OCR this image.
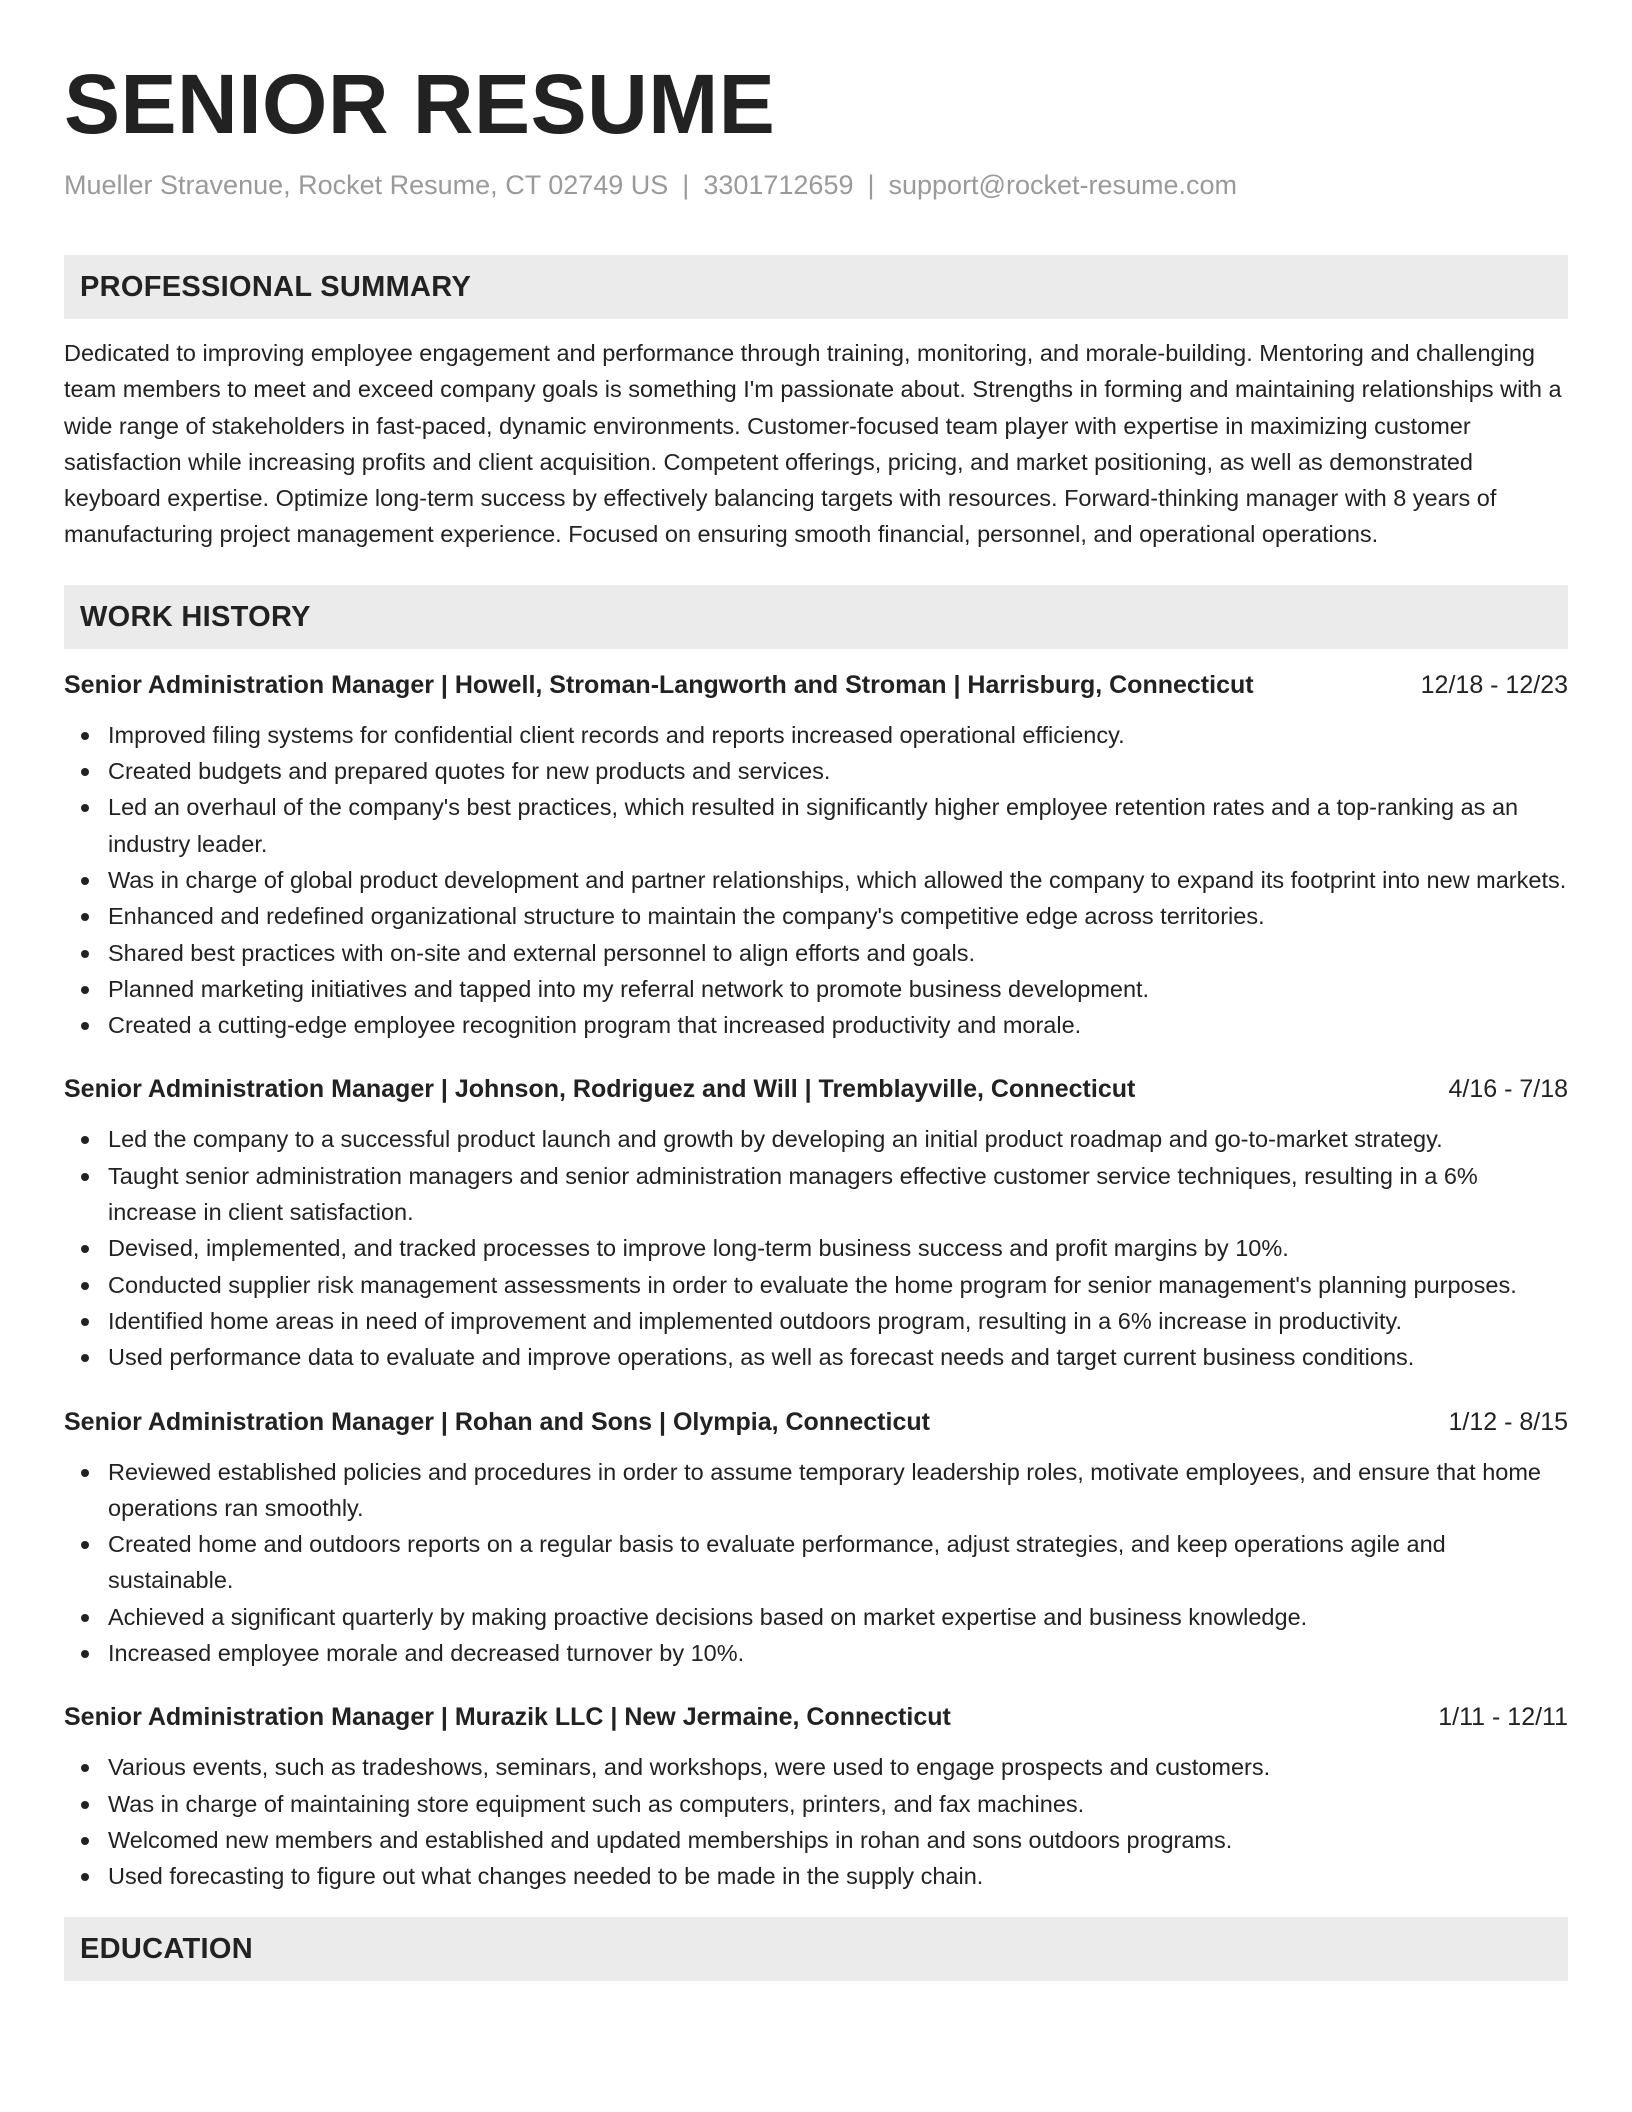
SENIOR RESUME
Mueller Stravenue, Rocket Resume, CT 02749 US | 3301712659 | support@rocket-resume.com
PROFESSIONAL SUMMARY

Dedicated to improving employee engagement and performance through training, monitoring, and morale-building. Mentoring and challenging team members to meet and exceed company goals is something I'm passionate about. Strengths in forming and maintaining relationships with a wide range of stakeholders in fast-paced, dynamic environments. Customer-focused team player with expertise in maximizing customer satisfaction while increasing profits and client acquisition. Competent offerings, pricing, and market positioning, as well as demonstrated keyboard expertise. Optimize long-term success by effectively balancing targets with resources. Forward-thinking manager with 8 years of manufacturing project management experience. Focused on ensuring smooth financial, personnel, and operational operations.

WORK HISTORY
Senior Administration Manager | Howell, Stroman-Langworth and Stroman | Harrisburg, Connecticut	12/18 - 12/23
Improved filing systems for confidential client records and reports increased operational efficiency.
Created budgets and prepared quotes for new products and services.
Led an overhaul of the company's best practices, which resulted in significantly higher employee retention rates and a top-ranking as an industry leader.
Was in charge of global product development and partner relationships, which allowed the company to expand its footprint into new markets.
Enhanced and redefined organizational structure to maintain the company's competitive edge across territories.
Shared best practices with on-site and external personnel to align efforts and goals.
Planned marketing initiatives and tapped into my referral network to promote business development.
Created a cutting-edge employee recognition program that increased productivity and morale.
Senior Administration Manager | Johnson, Rodriguez and Will | Tremblayville, Connecticut	4/16 - 7/18
Led the company to a successful product launch and growth by developing an initial product roadmap and go-to-market strategy.
Taught senior administration managers and senior administration managers effective customer service techniques, resulting in a 6% increase in client satisfaction.
Devised, implemented, and tracked processes to improve long-term business success and profit margins by 10%.
Conducted supplier risk management assessments in order to evaluate the home program for senior management's planning purposes.
Identified home areas in need of improvement and implemented outdoors program, resulting in a 6% increase in productivity.
Used performance data to evaluate and improve operations, as well as forecast needs and target current business conditions.
Senior Administration Manager | Rohan and Sons | Olympia, Connecticut	1/12 - 8/15
Reviewed established policies and procedures in order to assume temporary leadership roles, motivate employees, and ensure that home operations ran smoothly.
Created home and outdoors reports on a regular basis to evaluate performance, adjust strategies, and keep operations agile and sustainable.
Achieved a significant quarterly by making proactive decisions based on market expertise and business knowledge.
Increased employee morale and decreased turnover by 10%.
Senior Administration Manager | Murazik LLC | New Jermaine, Connecticut	1/11 - 12/11
Various events, such as tradeshows, seminars, and workshops, were used to engage prospects and customers.
Was in charge of maintaining store equipment such as computers, printers, and fax machines.
Welcomed new members and established and updated memberships in rohan and sons outdoors programs.
Used forecasting to figure out what changes needed to be made in the supply chain.
EDUCATION
